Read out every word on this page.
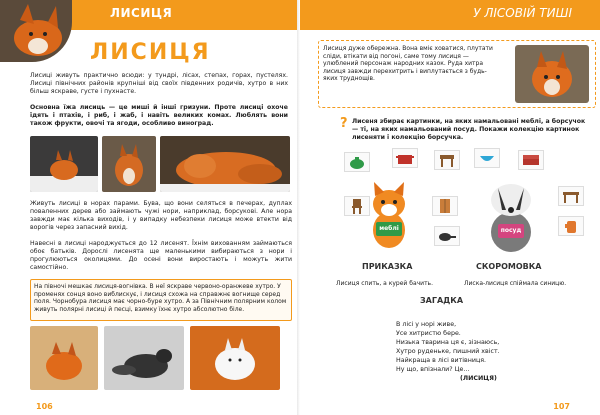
ЛИСИЦЯ
ЛИСИЦЯ
Лисиці живуть практично всюди: у тундрі, лісах, степах, горах, пустелях. Лисиці північних районів крупніші від своїх південних родичів, хутро в них більш яскраве, густе і пухнасте.
Основна їжа лисиць — це миші й інші гризуни. Проте лисиці охоче їдять і птахів, і риб, і жаб, і навіть великих комах. Люблять вони також фрукти, овочі та ягоди, особливо виноград.
Живуть лисиці в норах парами. Бува, що вони селяться в печерах, дуплах поваленних дерев або займають чужі нори, наприклад, борсукові. Але нора завжди має кілька виходів, і у випадку небезпеки лисиця може втекти від ворогів через запасний вихід.
Навесні в лисиці народжується до 12 лисенят. Їхнім вихованням займаються обоє батьків. Дорослі лисенята ще маленькими вибираються з нори і прогулюються околицями. До осені вони виростають і можуть жити самостійно.
На півночі мешкає лисиця-вогнівка. В неї яскраве червоно-оранжеве хутро. У променях сонця воно виблискує, і лисиця схожа на справжнє вогнище серед поля. Чорнобура лисиця має чорно-буре хутро. А за Північним полярним колом живуть полярні лисиці й песці, взимку їхнє хутро абсолютно біле.
106
У ЛІСОВІЙ ТИШІ
Лисиця дуже обережна. Вона вміє ховатися, плутати сліди, втікати від погоні, саме тому лисиця — улюблений персонаж народних казок. Руда хитра лисиця завжди перехитрить і виплутається з будь-яких труднощів.
? Лисеня збирає картинки, на яких намальовані меблі, а борсучок — ті, на яких намальований посуд. Покажи колекцію картинок лисеняти і колекцію борсучка.
меблі	посуд
ПРИКАЗКА	СКОРОМОВКА
Лисиця спить, а курей бачить.	Лиска-лисиця спіймала синицю.
ЗАГАДКА
В лісі у норі живе,
Усе хитристю бере.
Низька тварина ця є, зізнаюсь,
Хутро руденьке, пишний хвіст.
Найкраща в лісі витівниця.
Ну що, впізнали? Це...
(ЛИСИЦЯ)
107
